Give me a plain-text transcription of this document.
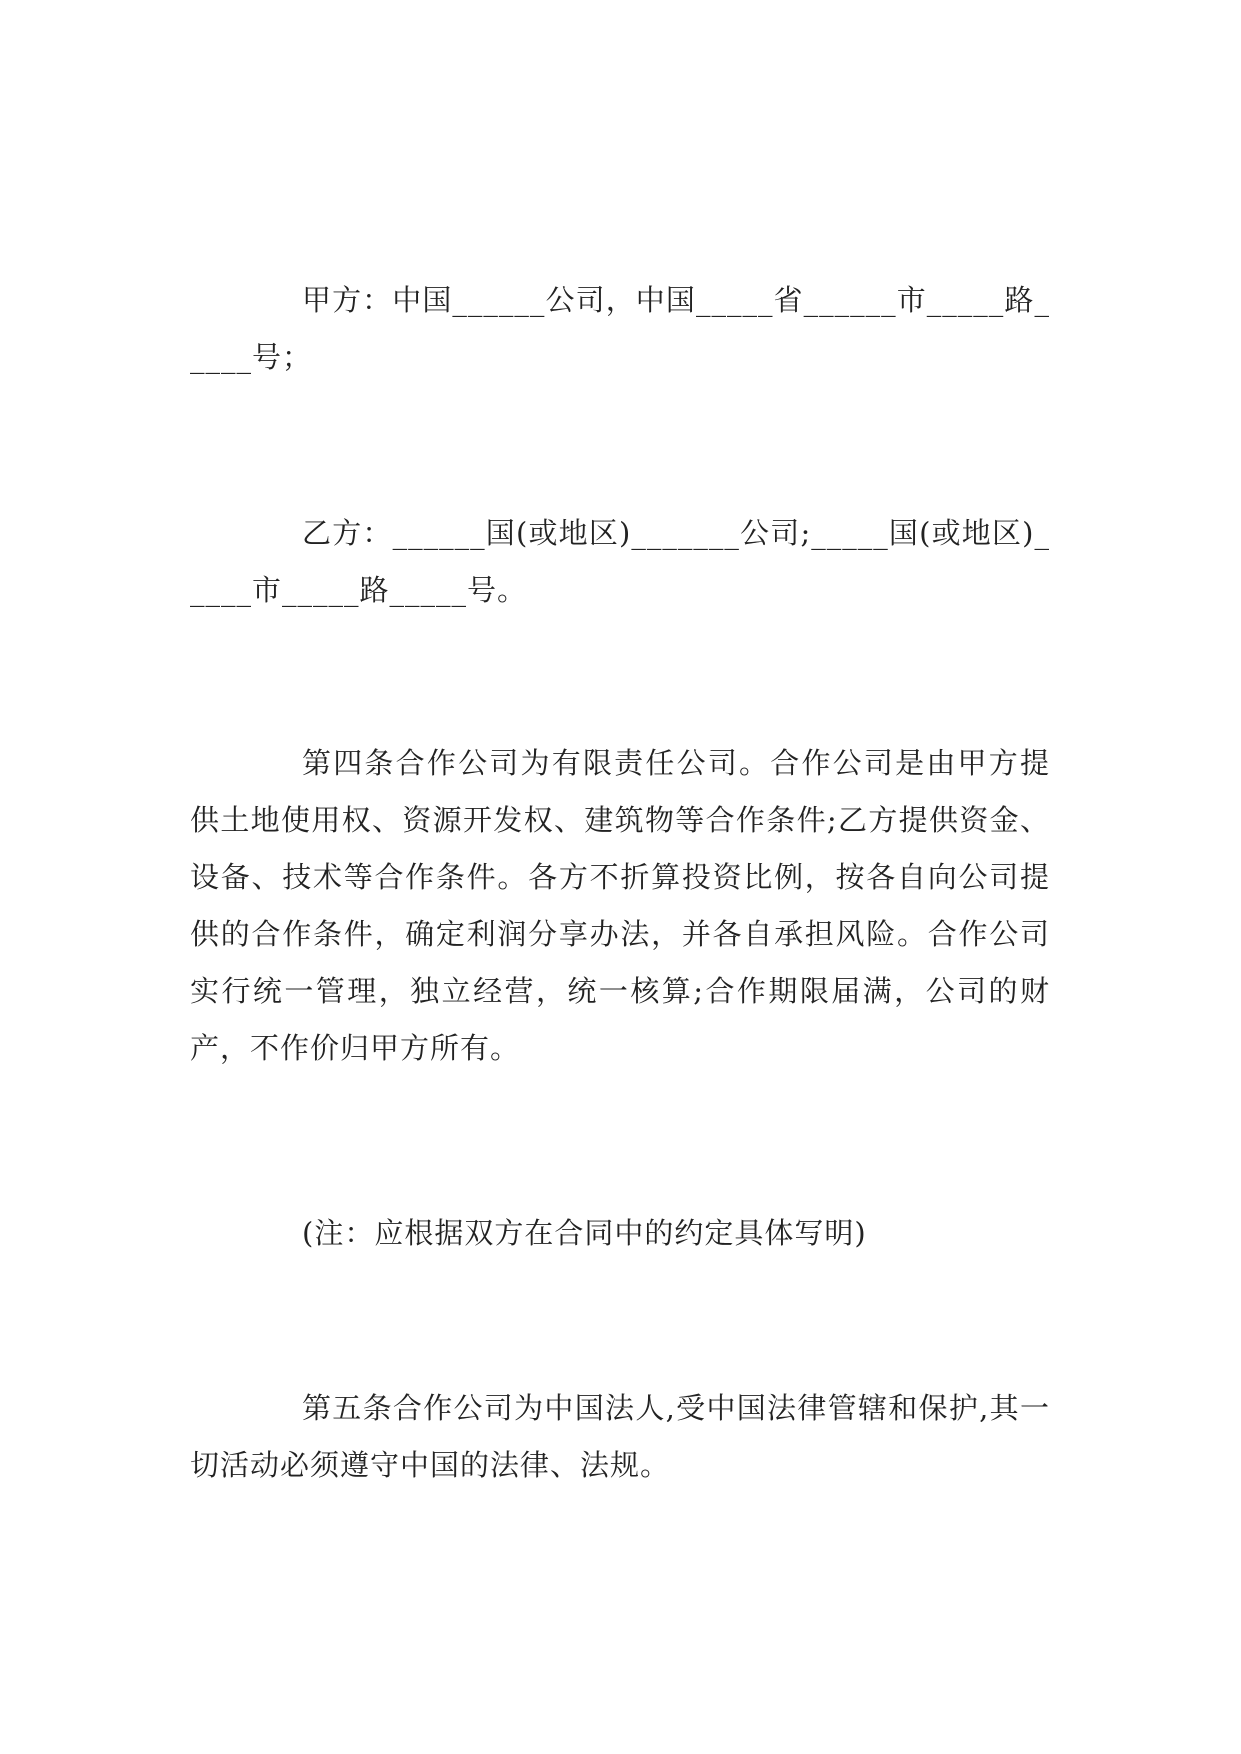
甲方：中国______公司，中国_____省______市_____路_____号；

乙方：______国(或地区)_______公司;_____国(或地区)_____市_____路_____号。

第四条合作公司为有限责任公司。合作公司是由甲方提供土地使用权、资源开发权、建筑物等合作条件;乙方提供资金、设备、技术等合作条件。各方不折算投资比例，按各自向公司提供的合作条件，确定利润分享办法，并各自承担风险。合作公司实行统一管理，独立经营，统一核算;合作期限届满，公司的财产，不作价归甲方所有。

(注：应根据双方在合同中的约定具体写明)

第五条合作公司为中国法人,受中国法律管辖和保护,其一切活动必须遵守中国的法律、法规。
